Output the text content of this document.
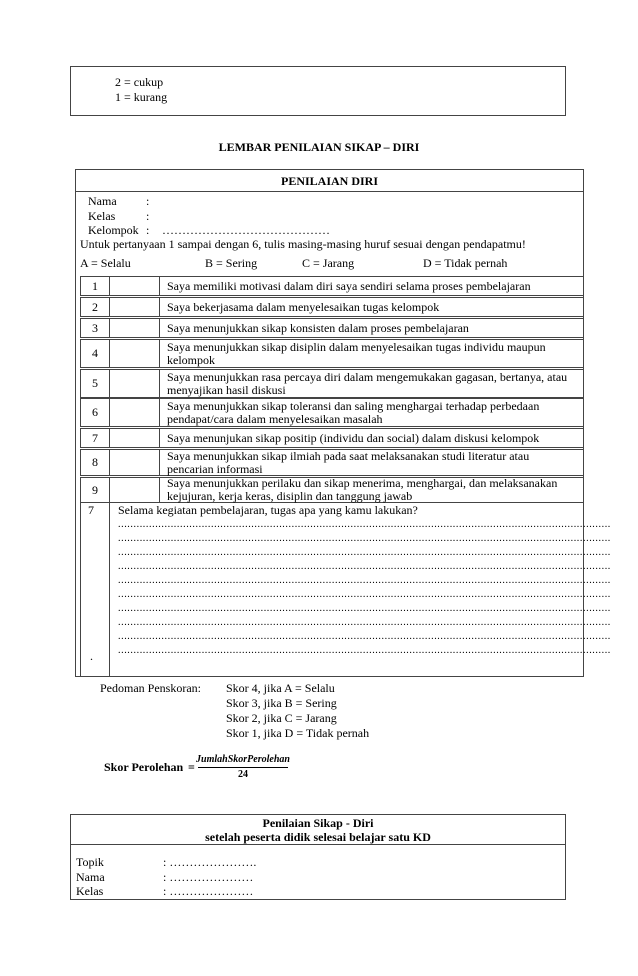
2 = cukup
1 = kurang
LEMBAR PENILAIAN SIKAP – DIRI
PENILAIAN DIRI
Nama :
Kelas	:
Kelompok : ……………………………………
Untuk pertanyaan 1 sampai dengan 6, tulis masing-masing huruf sesuai dengan pendapatmu!
A = Selalu	B = Sering	C = Jarang	D = Tidak pernah
1	Saya memiliki motivasi dalam diri saya sendiri selama proses pembelajaran
2	Saya bekerjasama dalam menyelesaikan tugas kelompok
3	Saya menunjukkan sikap konsisten dalam proses pembelajaran
4	Saya menunjukkan sikap disiplin dalam menyelesaikan tugas individu maupun kelompok
5	Saya menunjukkan rasa percaya diri dalam mengemukakan gagasan, bertanya, atau menyajikan hasil diskusi
6	Saya menunjukkan sikap toleransi dan saling menghargai terhadap perbedaan pendapat/cara dalam menyelesaikan masalah
7	Saya menunjukan sikap positip (individu dan social) dalam diskusi kelompok
8	Saya menunjukkan sikap ilmiah pada saat melaksanakan studi literatur atau pencarian informasi
9	Saya menunjukkan perilaku dan sikap menerima, menghargai, dan melaksanakan kejujuran, kerja keras, disiplin dan tanggung jawab
7 Selama kegiatan pembelajaran, tugas apa yang kamu lakukan?
.
...............................................................................................................................................................
...............................................................................................................................................................
...............................................................................................................................................................
...............................................................................................................................................................
...............................................................................................................................................................
...............................................................................................................................................................
...............................................................................................................................................................
...............................................................................................................................................................
...............................................................................................................................................................
...............................................................................................................................................................
Pedoman Penskoran: Skor 4, jika A = Selalu
Skor 3, jika B = Sering
Skor 2, jika C = Jarang
Skor 1, jika D = Tidak pernah
Skor Perolehan =
JumlahSkorPerolehan
24
Penilaian Sikap - Diri
setelah peserta didik selesai belajar satu KD
Topik	: ………………….
Nama	: …………………
Kelas	: …………………
